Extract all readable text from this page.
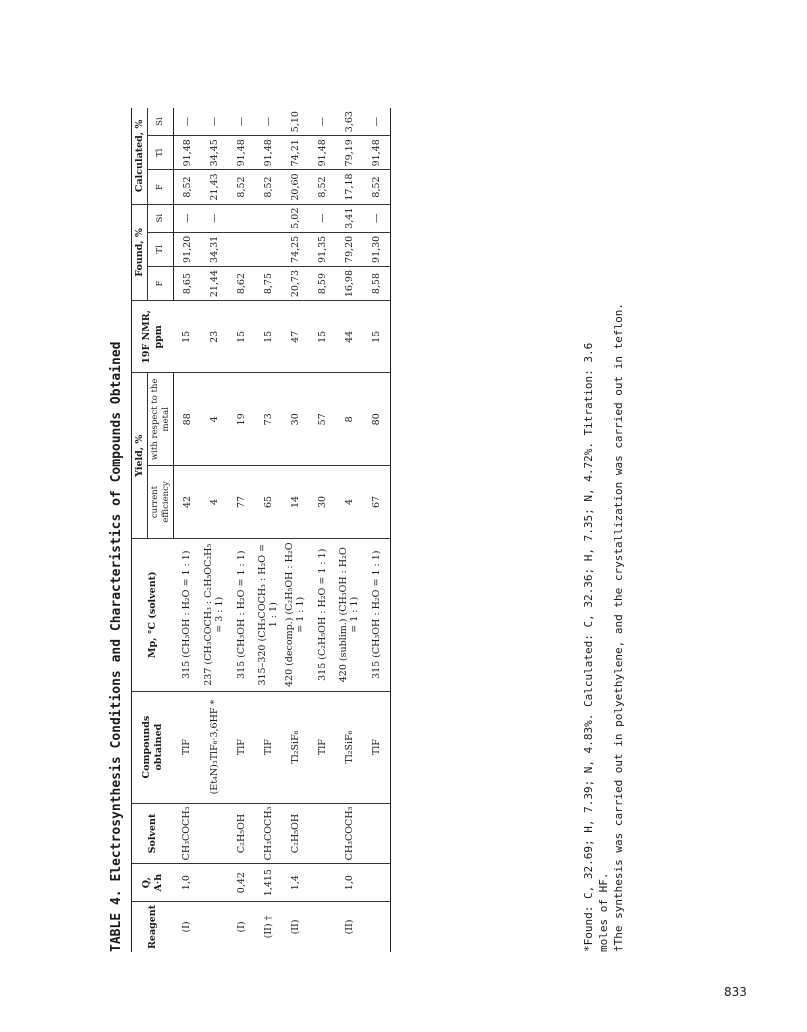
TABLE 4. Electrosynthesis Conditions and Characteristics of Compounds Obtained Reagent	Q, A·h	Solvent	Compounds obtained	Mp, °C (solvent)	Yield, %		19F NMR, ppm	Found, %			Calculated, %		
					current efficiency	with respect to the metal		F	Tl	Si	F	Tl	Si
(I)	1,0	CH₃COCH₃	TlF	315 (CH₃OH : H₂O = 1 : 1)	42	88	15	8,65	91,20	—	8,52	91,48	—
			(Et₄N)₃TlF₆·3,6HF *	237 (CH₃COCH₃ : C₂H₅OC₂H₅ = 3 : 1)	4	4	23	21,44	34,31	—	21,43	34,45	—
(I)	0,42	C₂H₅OH	TlF	315 (CH₃OH : H₂O = 1 : 1)	77	19	15	8,62			8,52	91,48	—
(II) †	1,415	CH₃COCH₃	TlF	315–320 (CH₃COCH₃ : H₂O = 1 : 1)	65	73	15	8,75			8,52	91,48	—
(II)	1,4	C₂H₅OH	Tl₂SiF₆	420 (decomp.) (C₂H₅OH : H₂O = 1 : 1)	14	30	47	20,73	74,25	5,02	20,60	74,21	5,10
			TlF	315 (C₂H₅OH : H₂O = 1 : 1)	30	57	15	8,59	91,35	—	8,52	91,48	—
(II)	1,0	CH₃COCH₃	Tl₂SiF₆	420 (sublim.) (CH₃OH : H₂O = 1 : 1)	4	8	44	16,98	79,20	3,41	17,18	79,19	3,63
			TlF	315 (CH₃OH : H₂O = 1 : 1)	67	80	15	8,58	91,30	—	8,52	91,48	—
*Found: C, 32.69; H, 7.39; N, 4.83%. Calculated: C, 32.36; H, 7.35; N, 4.72%. Titration: 3.6 moles of HF. †The synthesis was carried out in polyethylene, and the crystallization was carried out in teflon.
833
